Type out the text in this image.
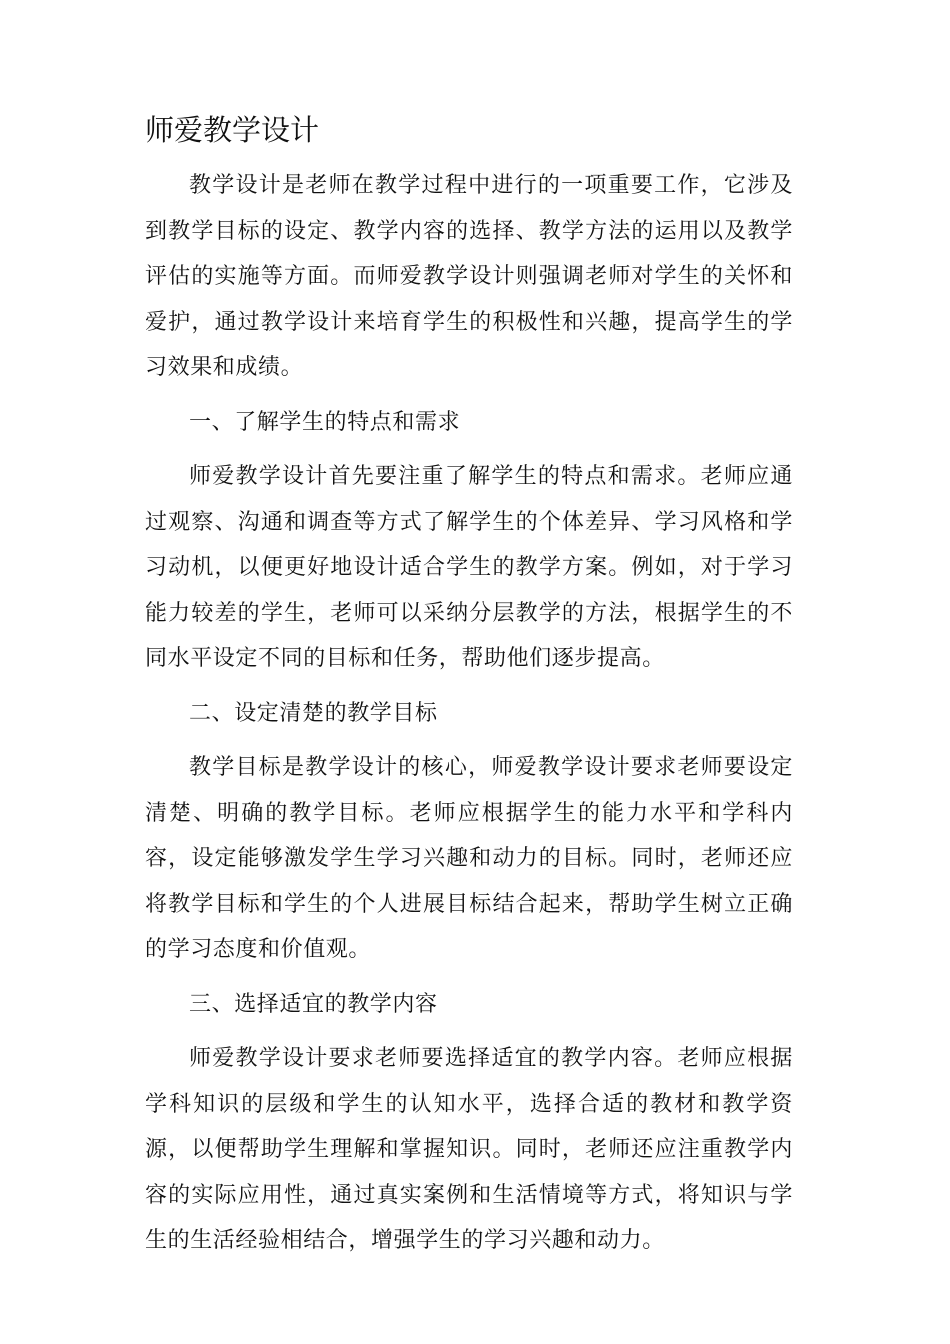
师爱教学设计

教学设计是老师在教学过程中进行的一项重要工作，它涉及到教学目标的设定、教学内容的选择、教学方法的运用以及教学评估的实施等方面。而师爱教学设计则强调老师对学生的关怀和爱护，通过教学设计来培育学生的积极性和兴趣，提高学生的学习效果和成绩。

一、了解学生的特点和需求

师爱教学设计首先要注重了解学生的特点和需求。老师应通过观察、沟通和调查等方式了解学生的个体差异、学习风格和学习动机，以便更好地设计适合学生的教学方案。例如，对于学习能力较差的学生，老师可以采纳分层教学的方法，根据学生的不同水平设定不同的目标和任务，帮助他们逐步提高。

二、设定清楚的教学目标

教学目标是教学设计的核心，师爱教学设计要求老师要设定清楚、明确的教学目标。老师应根据学生的能力水平和学科内容，设定能够激发学生学习兴趣和动力的目标。同时，老师还应将教学目标和学生的个人进展目标结合起来，帮助学生树立正确的学习态度和价值观。

三、选择适宜的教学内容

师爱教学设计要求老师要选择适宜的教学内容。老师应根据学科知识的层级和学生的认知水平，选择合适的教材和教学资源，以便帮助学生理解和掌握知识。同时，老师还应注重教学内容的实际应用性，通过真实案例和生活情境等方式，将知识与学生的生活经验相结合，增强学生的学习兴趣和动力。
